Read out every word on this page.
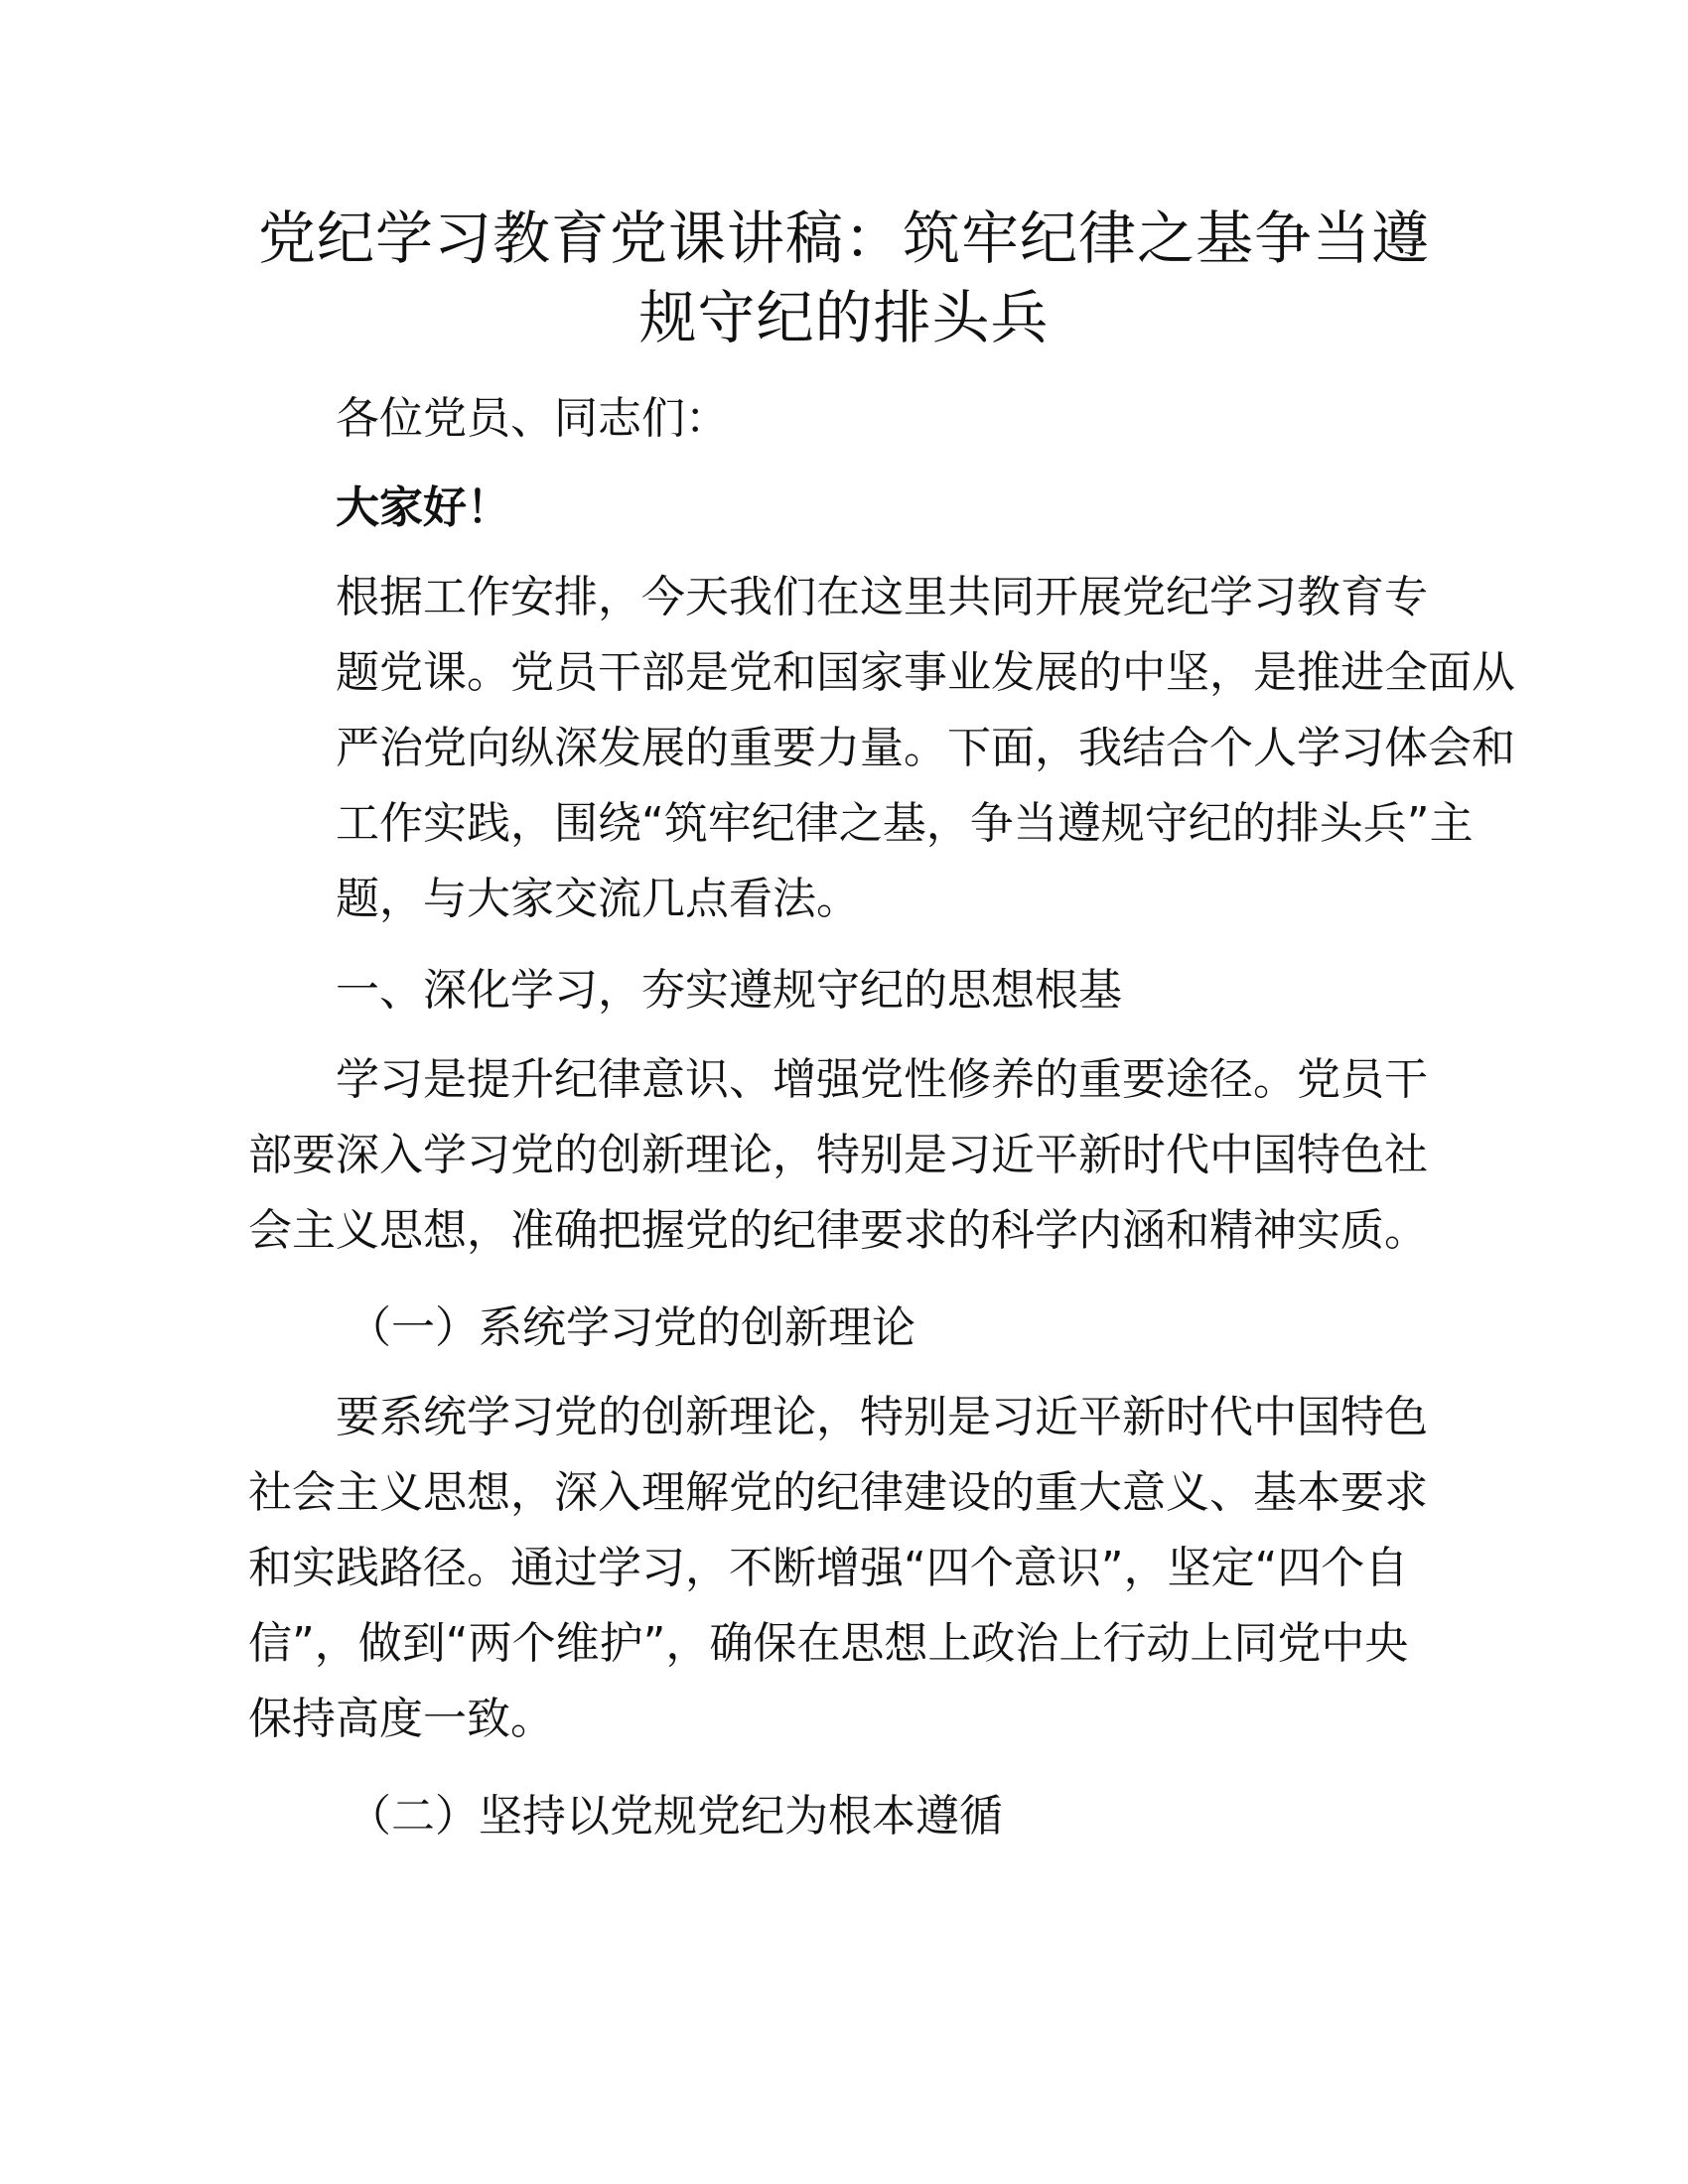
党纪学习教育党课讲稿：筑牢纪律之基争当遵
规守纪的排头兵

各位党员、同志们：

大家好！

根据工作安排，今天我们在这里共同开展党纪学习教育专
题党课。党员干部是党和国家事业发展的中坚，是推进全面从
严治党向纵深发展的重要力量。下面，我结合个人学习体会和
工作实践，围绕“筑牢纪律之基，争当遵规守纪的排头兵”主
题，与大家交流几点看法。

一、深化学习，夯实遵规守纪的思想根基

学习是提升纪律意识、增强党性修养的重要途径。党员干
部要深入学习党的创新理论，特别是习近平新时代中国特色社
会主义思想，准确把握党的纪律要求的科学内涵和精神实质。

（一）系统学习党的创新理论

要系统学习党的创新理论，特别是习近平新时代中国特色
社会主义思想，深入理解党的纪律建设的重大意义、基本要求
和实践路径。通过学习，不断增强“四个意识”，坚定“四个自
信”，做到“两个维护”，确保在思想上政治上行动上同党中央
保持高度一致。

（二）坚持以党规党纪为根本遵循
